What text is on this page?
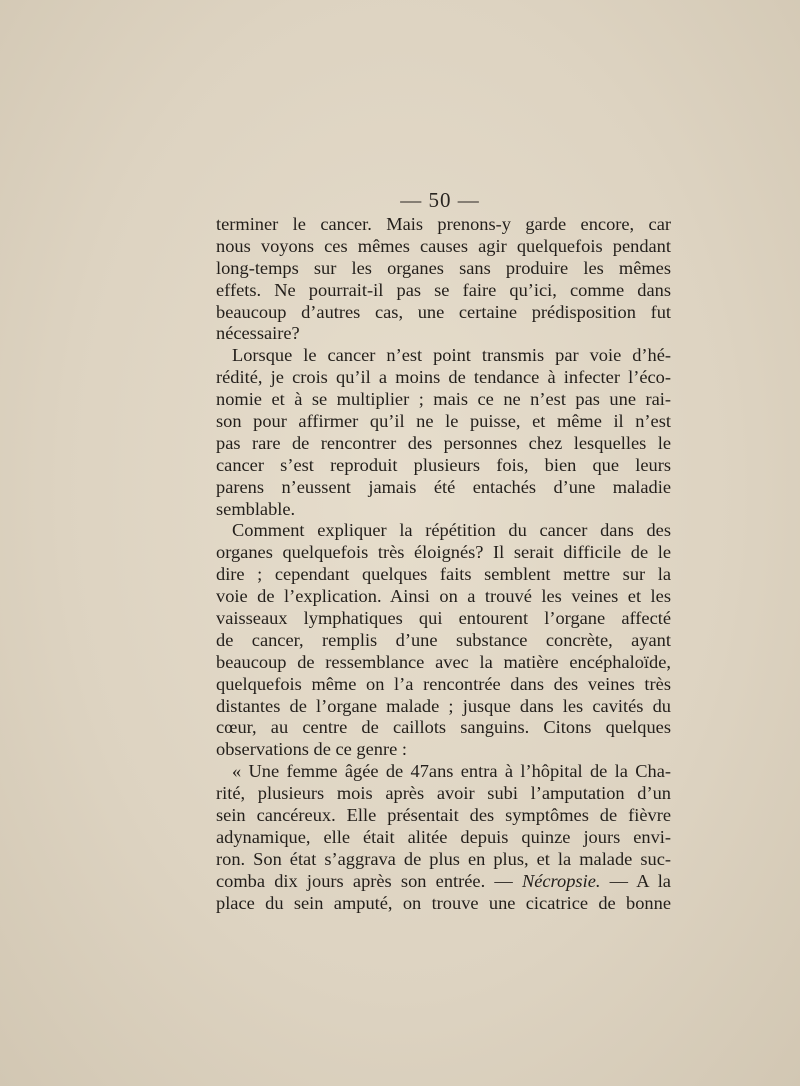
— 50 —
terminer le cancer. Mais prenons-y garde encore, car
nous voyons ces mêmes causes agir quelquefois pendant
long-temps sur les organes sans produire les mêmes
effets. Ne pourrait-il pas se faire qu’ici, comme dans
beaucoup d’autres cas, une certaine prédisposition fut
nécessaire?
Lorsque le cancer n’est point transmis par voie d’hé-
rédité, je crois qu’il a moins de tendance à infecter l’éco-
nomie et à se multiplier ; mais ce ne n’est pas une rai-
son pour affirmer qu’il ne le puisse, et même il n’est
pas rare de rencontrer des personnes chez lesquelles le
cancer s’est reproduit plusieurs fois, bien que leurs
parens n’eussent jamais été entachés d’une maladie
semblable.
Comment expliquer la répétition du cancer dans des
organes quelquefois très éloignés? Il serait difficile de le
dire ; cependant quelques faits semblent mettre sur la
voie de l’explication. Ainsi on a trouvé les veines et les
vaisseaux lymphatiques qui entourent l’organe affecté
de cancer, remplis d’une substance concrète, ayant
beaucoup de ressemblance avec la matière encéphaloïde,
quelquefois même on l’a rencontrée dans des veines très
distantes de l’organe malade ; jusque dans les cavités du
cœur, au centre de caillots sanguins. Citons quelques
observations de ce genre :
« Une femme âgée de 47ans entra à l’hôpital de la Cha-
rité, plusieurs mois après avoir subi l’amputation d’un
sein cancéreux. Elle présentait des symptômes de fièvre
adynamique, elle était alitée depuis quinze jours envi-
ron. Son état s’aggrava de plus en plus, et la malade suc-
comba dix jours après son entrée. — Nécropsie. — A la
place du sein amputé, on trouve une cicatrice de bonne
